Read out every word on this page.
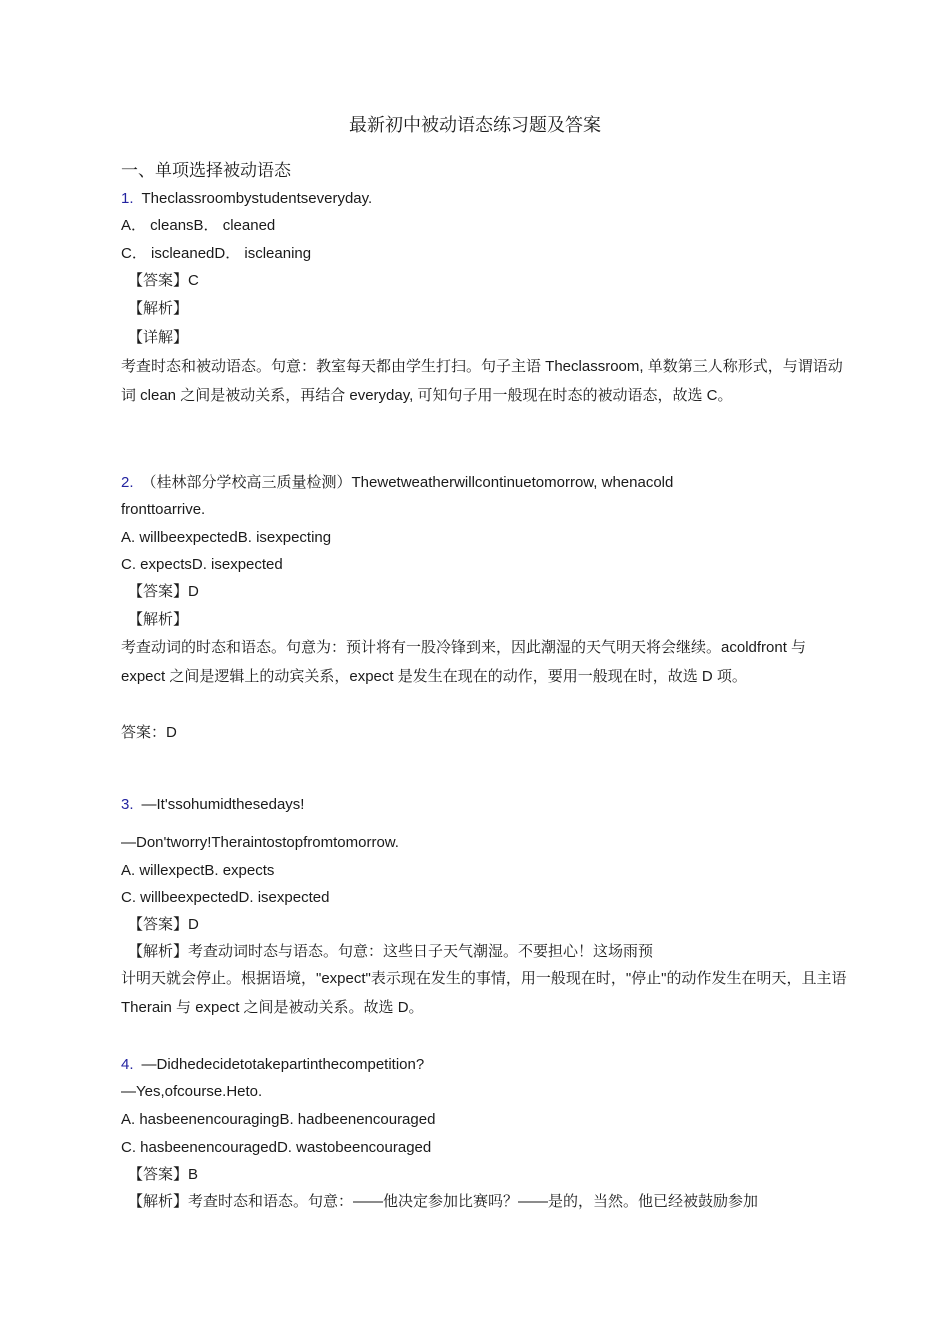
最新初中被动语态练习题及答案
一、单项选择被动语态
1. Theclassroombystudentseveryday.
A． cleansB． cleaned
C． iscleanedD． iscleaning
【答案】C
【解析】
【详解】
考查时态和被动语态。句意：教室每天都由学生打扫。句子主语 Theclassroom, 单数第三人称形式，与谓语动词 clean 之间是被动关系，再结合 everyday, 可知句子用一般现在时态的被动语态，故选 C。
2. （桂林部分学校高三质量检测）Thewetweatherwillcontinuetomorrow, whenacold
fronttoarrive.
A. willbeexpectedB. isexpecting
C. expectsD. isexpected
【答案】D
【解析】
考查动词的时态和语态。句意为：预计将有一股冷锋到来，因此潮湿的天气明天将会继续。acoldfront 与 expect 之间是逻辑上的动宾关系，expect 是发生在现在的动作，要用一般现在时，故选 D 项。
答案：D
3. —It'ssohumidthesedays!
—Don'tworry!Theraintostopfromtomorrow.
A. willexpectB. expects
C. willbeexpectedD. isexpected
【答案】D
【解析】考查动词时态与语态。句意：这些日子天气潮湿。不要担心！这场雨预
计明天就会停止。根据语境，"expect"表示现在发生的事情，用一般现在时，"停止"的动作发生在明天，且主语 Therain 与 expect 之间是被动关系。故选 D。
4. —Didhedecidetotakepartinthecompetition?
—Yes,ofcourse.Heto.
A. hasbeenencouragingB. hadbeenencouraged
C. hasbeenencouragedD. wastobeencouraged
【答案】B
【解析】考查时态和语态。句意：——他决定参加比赛吗？——是的，当然。他已经被鼓励参加
